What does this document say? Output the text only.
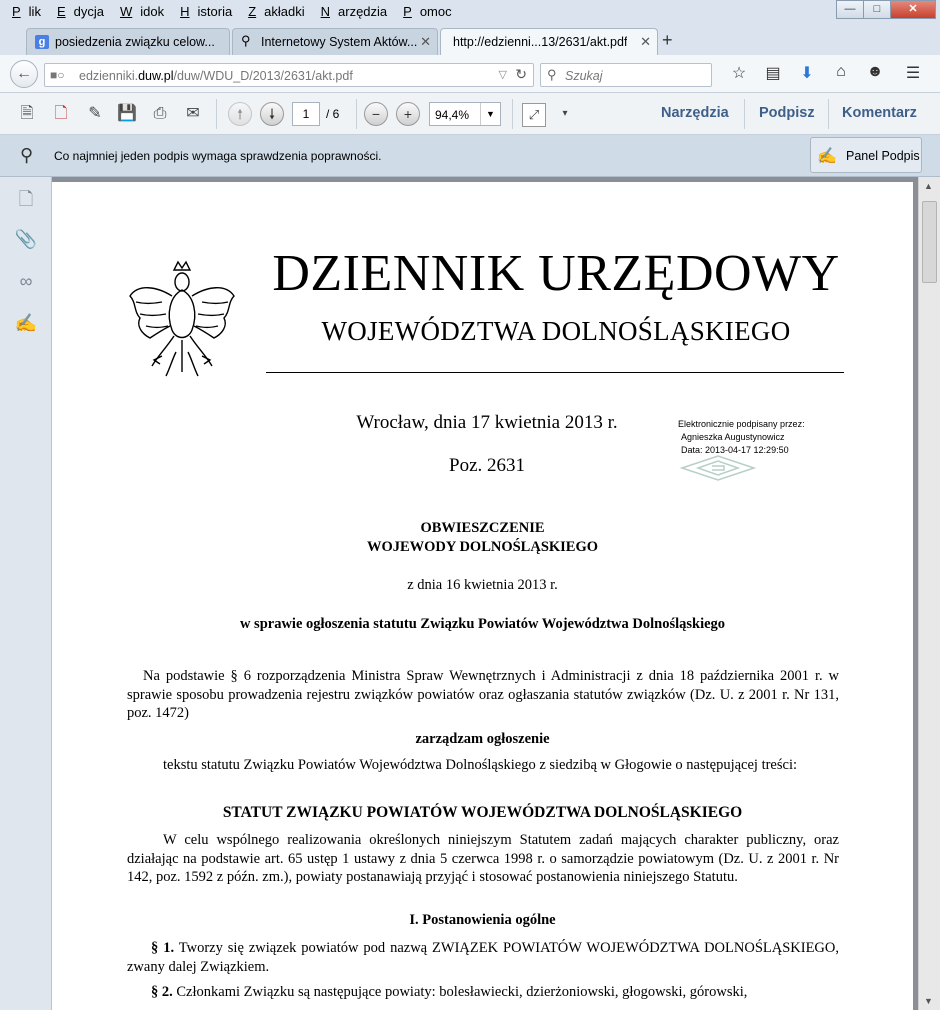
P lik	E dycja	W idok	H istoria	Z akładki	N arzędzia	P omoc	—	□	✕
g posiedzenia związku celow...	⚲ Internetowy System Aktów... ✕	http://edzienni...13/2631/akt.pdf ✕ +
←	■○ edzienniki.duw.pl/duw/WDU_D/2013/2631/akt.pdf	▽ ↻ ⚲ Szukaj	☆	▤	⬇	⌂	☻	☰
🗎 🗋 ✎ 💾 ⎙ ✉	🠕	🠗	1	/ 6	−	+	94,4%	▼	⤢	▾	Narzędzia Podpisz Komentarz
⚲ Co najmniej jeden podpis wymaga sprawdzenia poprawności.	✍ Panel Podpis
🗋
📎
∞
✍
DZIENNIK URZĘDOWY
WOJEWÓDZTWA DOLNOŚLĄSKIEGO
Wrocław, dnia 17 kwietnia 2013 r.
Poz. 2631
Elektronicznie podpisany przez:
Agnieszka Augustynowicz
Data: 2013-04-17 12:29:50
OBWIESZCZENIE
WOJEWODY DOLNOŚLĄSKIEGO
z dnia 16 kwietnia 2013 r.
w sprawie ogłoszenia statutu Związku Powiatów Województwa Dolnośląskiego
Na podstawie § 6 rozporządzenia Ministra Spraw Wewnętrznych i Administracji z dnia 18 października 2001 r. w sprawie sposobu prowadzenia rejestru związków powiatów oraz ogłaszania statutów związków (Dz. U. z 2001 r. Nr 131, poz. 1472)
zarządzam ogłoszenie
tekstu statutu Związku Powiatów Województwa Dolnośląskiego z siedzibą w Głogowie o następującej treści:
STATUT ZWIĄZKU POWIATÓW WOJEWÓDZTWA DOLNOŚLĄSKIEGO
W celu wspólnego realizowania określonych niniejszym Statutem zadań mających charakter publiczny, oraz działając na podstawie art. 65 ustęp 1 ustawy z dnia 5 czerwca 1998 r. o samorządzie powiatowym (Dz. U. z 2001 r. Nr 142, poz. 1592 z późn. zm.), powiaty postanawiają przyjąć i stosować postanowienia niniejszego Statutu.
I. Postanowienia ogólne
§ 1. Tworzy się związek powiatów pod nazwą ZWIĄZEK POWIATÓW WOJEWÓDZTWA DOLNOŚLĄSKIEGO, zwany dalej Związkiem.
§ 2. Członkami Związku są następujące powiaty: bolesławiecki, dzierżoniowski, głogowski, górowski,
▲
▼
